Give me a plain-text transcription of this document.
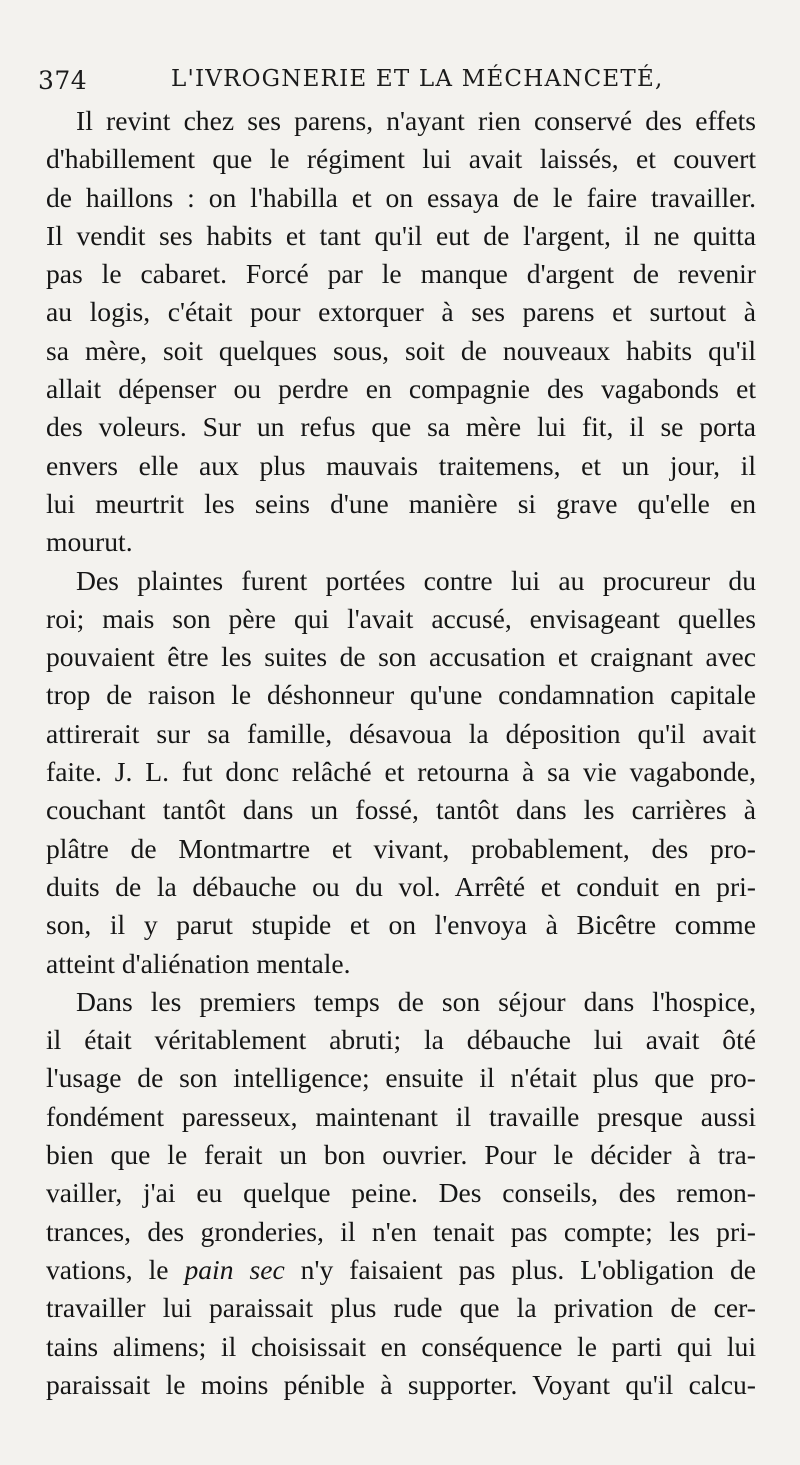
374	L'IVROGNERIE ET LA MÉCHANCETÉ,
Il revint chez ses parens, n'ayant rien conservé des effets
d'habillement que le régiment lui avait laissés, et couvert
de haillons : on l'habilla et on essaya de le faire travailler.
Il vendit ses habits et tant qu'il eut de l'argent, il ne quitta
pas le cabaret. Forcé par le manque d'argent de revenir
au logis, c'était pour extorquer à ses parens et surtout à
sa mère, soit quelques sous, soit de nouveaux habits qu'il
allait dépenser ou perdre en compagnie des vagabonds et
des voleurs. Sur un refus que sa mère lui fit, il se porta
envers elle aux plus mauvais traitemens, et un jour, il
lui meurtrit les seins d'une manière si grave qu'elle en
mourut.
Des plaintes furent portées contre lui au procureur du
roi; mais son père qui l'avait accusé, envisageant quelles
pouvaient être les suites de son accusation et craignant avec
trop de raison le déshonneur qu'une condamnation capitale
attirerait sur sa famille, désavoua la déposition qu'il avait
faite. J. L. fut donc relâché et retourna à sa vie vagabonde,
couchant tantôt dans un fossé, tantôt dans les carrières à
plâtre de Montmartre et vivant, probablement, des pro-
duits de la débauche ou du vol. Arrêté et conduit en pri-
son, il y parut stupide et on l'envoya à Bicêtre comme
atteint d'aliénation mentale.
Dans les premiers temps de son séjour dans l'hospice,
il était véritablement abruti; la débauche lui avait ôté
l'usage de son intelligence; ensuite il n'était plus que pro-
fondément paresseux, maintenant il travaille presque aussi
bien que le ferait un bon ouvrier. Pour le décider à tra-
vailler, j'ai eu quelque peine. Des conseils, des remon-
trances, des gronderies, il n'en tenait pas compte; les pri-
vations, le pain sec n'y faisaient pas plus. L'obligation de
travailler lui paraissait plus rude que la privation de cer-
tains alimens; il choisissait en conséquence le parti qui lui
paraissait le moins pénible à supporter. Voyant qu'il calcu-
